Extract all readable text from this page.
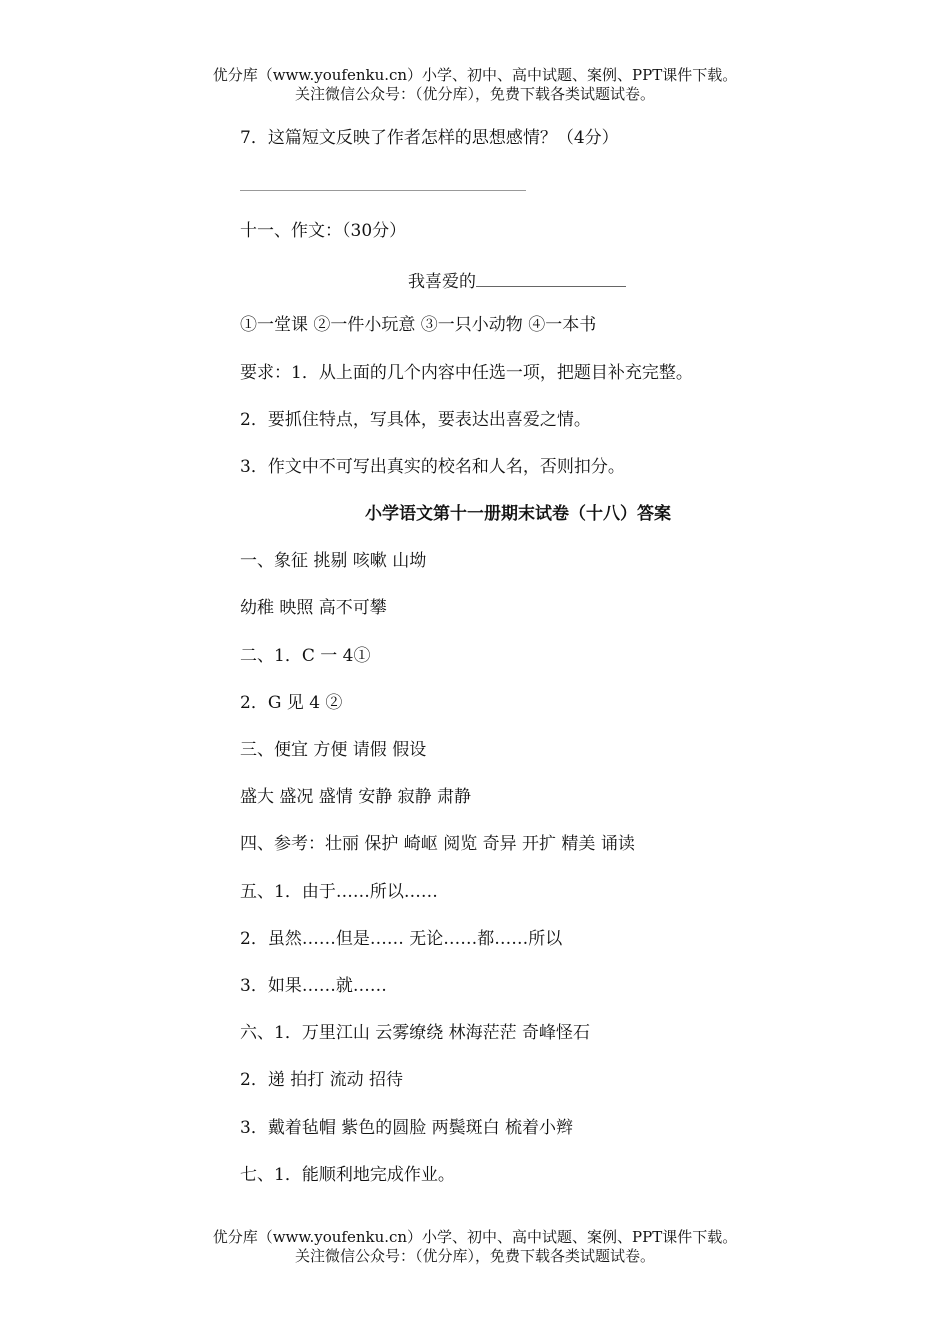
优分库（www.youfenku.cn）小学、初中、高中试题、案例、PPT课件下载。
关注微信公众号：（优分库），免费下载各类试题试卷。
7．这篇短文反映了作者怎样的思想感情？（4分）
十一、作文：（30分）
我喜爱的
①一堂课 ②一件小玩意 ③一只小动物 ④一本书
要求：1．从上面的几个内容中任选一项，把题目补充完整。
2．要抓住特点，写具体，要表达出喜爱之情。
3．作文中不可写出真实的校名和人名，否则扣分。
小学语文第十一册期末试卷（十八）答案
一、象征 挑剔 咳嗽 山坳
幼稚 映照 高不可攀
二、1．C 一 4①
2．G 见 4 ②
三、便宜 方便 请假 假设
盛大 盛况 盛情 安静 寂静 肃静
四、参考：壮丽 保护 崎岖 阅览 奇异 开扩 精美 诵读
五、1．由于……所以……
2．虽然……但是…… 无论……都……所以
3．如果……就……
六、1．万里江山 云雾缭绕 林海茫茫 奇峰怪石
2．递 拍打 流动 招待
3．戴着毡帽 紫色的圆脸 两鬓斑白 梳着小辫
七、1．能顺利地完成作业。
优分库（www.youfenku.cn）小学、初中、高中试题、案例、PPT课件下载。
关注微信公众号：（优分库），免费下载各类试题试卷。
